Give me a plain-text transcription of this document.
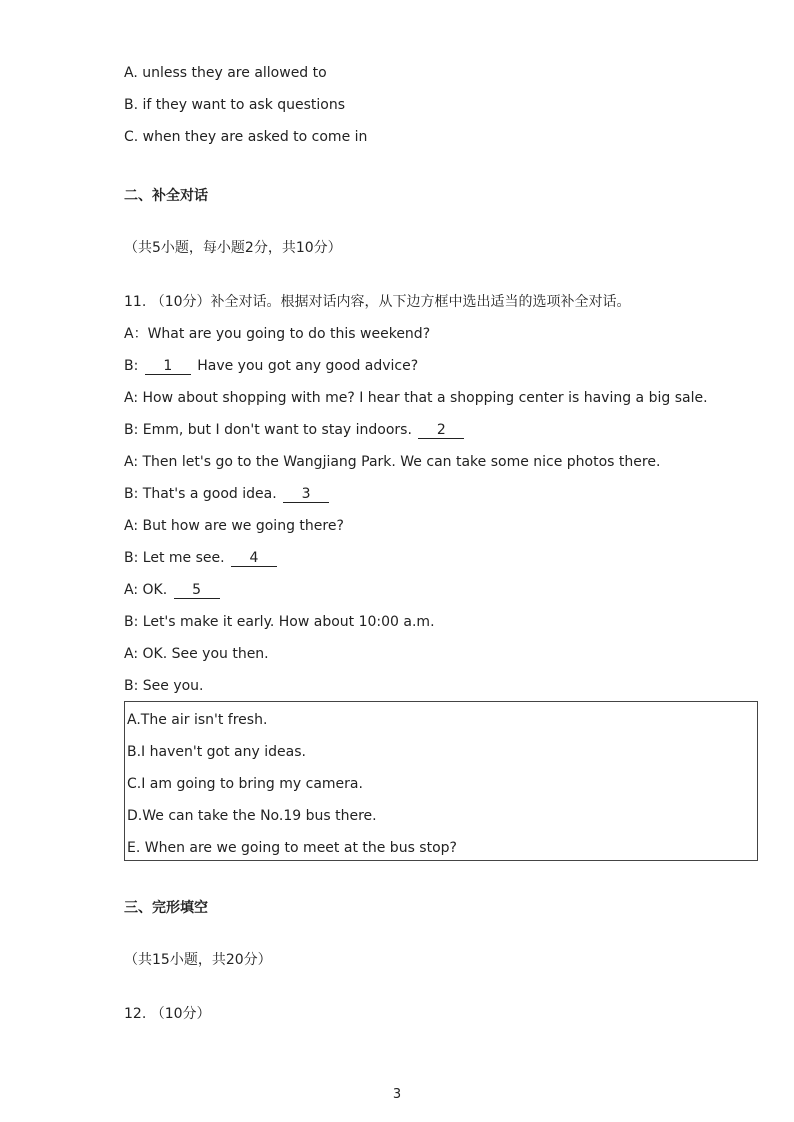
A. unless they are allowed to
B. if they want to ask questions
C. when they are asked to come in
二、补全对话
（共5小题，每小题2分，共10分）
11. （10分）补全对话。根据对话内容，从下边方框中选出适当的选项补全对话。
A：What are you going to do this weekend?
B: 1 Have you got any good advice?
A: How about shopping with me? I hear that a shopping center is having a big sale.
B: Emm, but I don't want to stay indoors. 2
A: Then let's go to the Wangjiang Park. We can take some nice photos there.
B: That's a good idea. 3
A: But how are we going there?
B: Let me see. 4
A: OK. 5
B: Let's make it early. How about 10:00 a.m.
A: OK. See you then.
B: See you.
A.The air isn't fresh.
B.I haven't got any ideas.
C.I am going to bring my camera.
D.We can take the No.19 bus there.
E. When are we going to meet at the bus stop?
三、完形填空
（共15小题，共20分）
12. （10分）
3
